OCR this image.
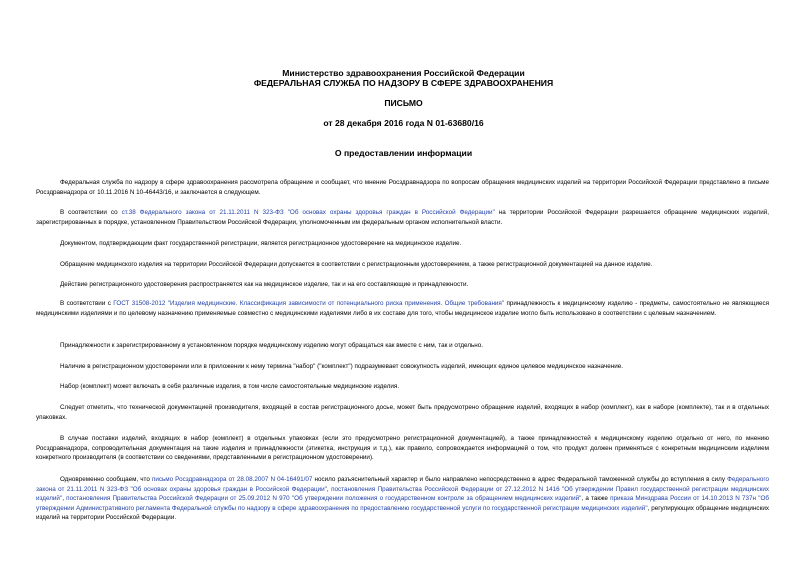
Министерство здравоохранения Российской Федерации
ФЕДЕРАЛЬНАЯ СЛУЖБА ПО НАДЗОРУ В СФЕРЕ ЗДРАВООХРАНЕНИЯ
ПИСЬМО
от 28 декабря 2016 года N 01-63680/16
О предоставлении информации
Федеральная служба по надзору в сфере здравоохранения рассмотрела обращение и сообщает, что мнение Росздравнадзора по вопросам обращения медицинских изделий на территории Российской Федерации представлено в письме Росздравнадзора от 10.11.2016 N 10-46443/16, и заключается в следующем.
В соответствии со ст.38 Федерального закона от 21.11.2011 N 323-ФЗ "Об основах охраны здоровья граждан в Российской Федерации" на территории Российской Федерации разрешается обращение медицинских изделий, зарегистрированных в порядке, установленном Правительством Российской Федерации, уполномоченным им федеральным органом исполнительной власти.
Документом, подтверждающим факт государственной регистрации, является регистрационное удостоверение на медицинское изделие.
Обращение медицинского изделия на территории Российской Федерации допускается в соответствии с регистрационным удостоверением, а также регистрационной документацией на данное изделие.
Действие регистрационного удостоверения распространяется как на медицинское изделие, так и на его составляющие и принадлежности.
В соответствии с ГОСТ 31508-2012 "Изделия медицинские. Классификация зависимости от потенциального риска применения. Общие требования" принадлежность к медицинскому изделию - предметы, самостоятельно не являющиеся медицинскими изделиями и по целевому назначению применяемые совместно с медицинскими изделиями либо в их составе для того, чтобы медицинское изделие могло быть использовано в соответствии с целевым назначением.
Принадлежности к зарегистрированному в установленном порядке медицинскому изделию могут обращаться как вместе с ним, так и отдельно.
Наличие в регистрационном удостоверении или в приложении к нему термина "набор" ("комплект") подразумевает совокупность изделий, имеющих единое целевое медицинское назначение.
Набор (комплект) может включать в себя различные изделия, в том числе самостоятельные медицинские изделия.
Следует отметить, что технической документацией производителя, входящей в состав регистрационного досье, может быть предусмотрено обращение изделий, входящих в набор (комплект), как в наборе (комплекте), так и в отдельных упаковках.
В случае поставки изделий, входящих в набор (комплект) в отдельных упаковках (если это предусмотрено регистрационной документацией), а также принадлежностей к медицинскому изделию отдельно от него, по мнению Росздравнадзора, сопроводительная документация на такие изделия и принадлежности (этикетка, инструкция и т.д.), как правило, сопровождается информацией о том, что продукт должен применяться с конкретным медицинским изделием конкретного производителя (в соответствии со сведениями, представленными в регистрационном удостоверении).
Одновременно сообщаем, что письмо Росздравнадзора от 28.08.2007 N 04-16491/07 носило разъяснительный характер и было направлено непосредственно в адрес Федеральной таможенной службы до вступления в силу Федерального закона от 21.11.2011 N 323-ФЗ "Об основах охраны здоровья граждан в Российской Федерации", постановления Правительства Российской Федерации от 27.12.2012 N 1416 "Об утверждении Правил государственной регистрации медицинских изделий", постановления Правительства Российской Федерации от 25.09.2012 N 970 "Об утверждении положения о государственном контроле за обращением медицинских изделий", а также приказа Минздрава России от 14.10.2013 N 737н "Об утверждении Административного регламента Федеральной службы по надзору в сфере здравоохранения по предоставлению государственной услуги по государственной регистрации медицинских изделий", регулирующих обращение медицинских изделий на территории Российской Федерации.
